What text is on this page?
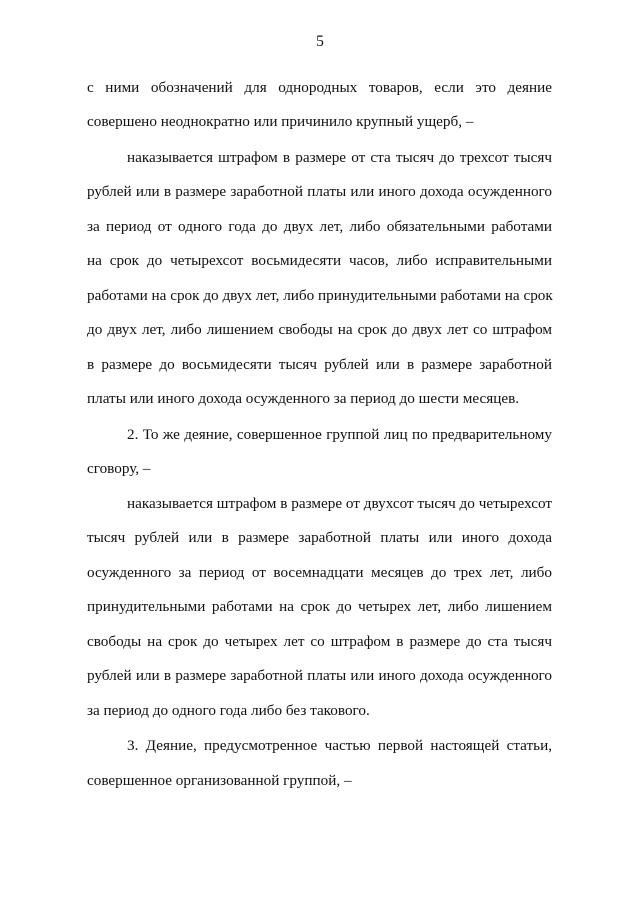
5
с ними обозначений для однородных товаров, если это деяние
совершено неоднократно или причинило крупный ущерб, –
наказывается штрафом в размере от ста тысяч до трехсот тысяч
рублей или в размере заработной платы или иного дохода осужденного
за период от одного года до двух лет, либо обязательными работами
на срок до четырехсот восьмидесяти часов, либо исправительными
работами на срок до двух лет, либо принудительными работами на срок
до двух лет, либо лишением свободы на срок до двух лет со штрафом
в размере до восьмидесяти тысяч рублей или в размере заработной
платы или иного дохода осужденного за период до шести месяцев.
2. То же деяние, совершенное группой лиц по предварительному
сговору, –
наказывается штрафом в размере от двухсот тысяч до четырехсот
тысяч рублей или в размере заработной платы или иного дохода
осужденного за период от восемнадцати месяцев до трех лет, либо
принудительными работами на срок до четырех лет, либо лишением
свободы на срок до четырех лет со штрафом в размере до ста тысяч
рублей или в размере заработной платы или иного дохода осужденного
за период до одного года либо без такового.
3. Деяние, предусмотренное частью первой настоящей статьи,
совершенное организованной группой, –
